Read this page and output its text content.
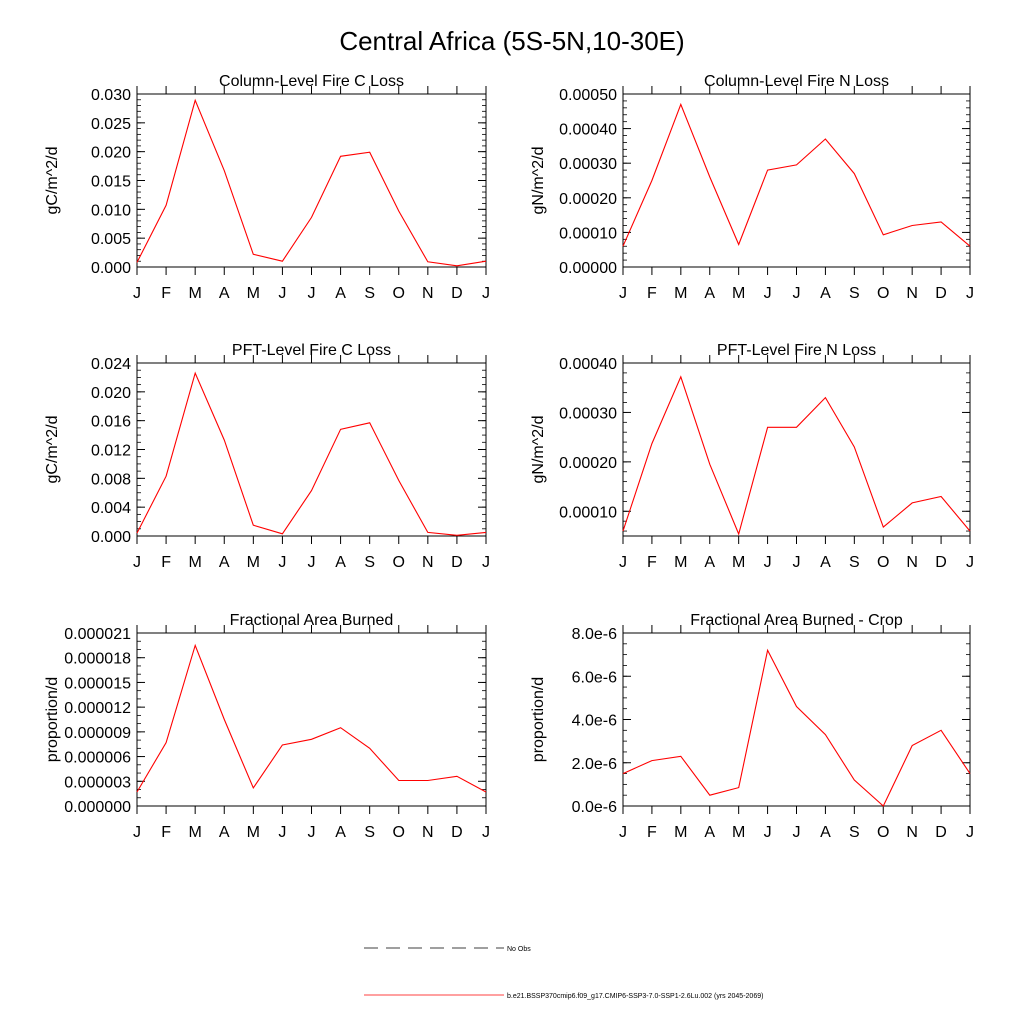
Central Africa (5S-5N,10-30E)
Column-Level Fire C Loss
gC/m^2/d
0.000
0.005
0.010
0.015
0.020
0.025
0.030
J F M A M J J A S O N D J
Column-Level Fire N Loss
gN/m^2/d
0.00000
0.00010
0.00020
0.00030
0.00040
0.00050
J F M A M J J A S O N D J
PFT-Level Fire C Loss
gC/m^2/d
0.000
0.004
0.008
0.012
0.016
0.020
0.024
J F M A M J J A S O N D J
PFT-Level Fire N Loss
gN/m^2/d
0.00010
0.00020
0.00030
0.00040
J F M A M J J A S O N D J
Fractional Area Burned
proportion/d
0.000000
0.000003
0.000006
0.000009
0.000012
0.000015
0.000018
0.000021
J F M A M J J A S O N D J
Fractional Area Burned - Crop
proportion/d
0.0e-6
2.0e-6
4.0e-6
6.0e-6
8.0e-6
J F M A M J J A S O N D J
No Obs
b.e21.BSSP370cmip6.f09_g17.CMIP6-SSP3-7.0-SSP1-2.6Lu.002 (yrs 2045-2069)
